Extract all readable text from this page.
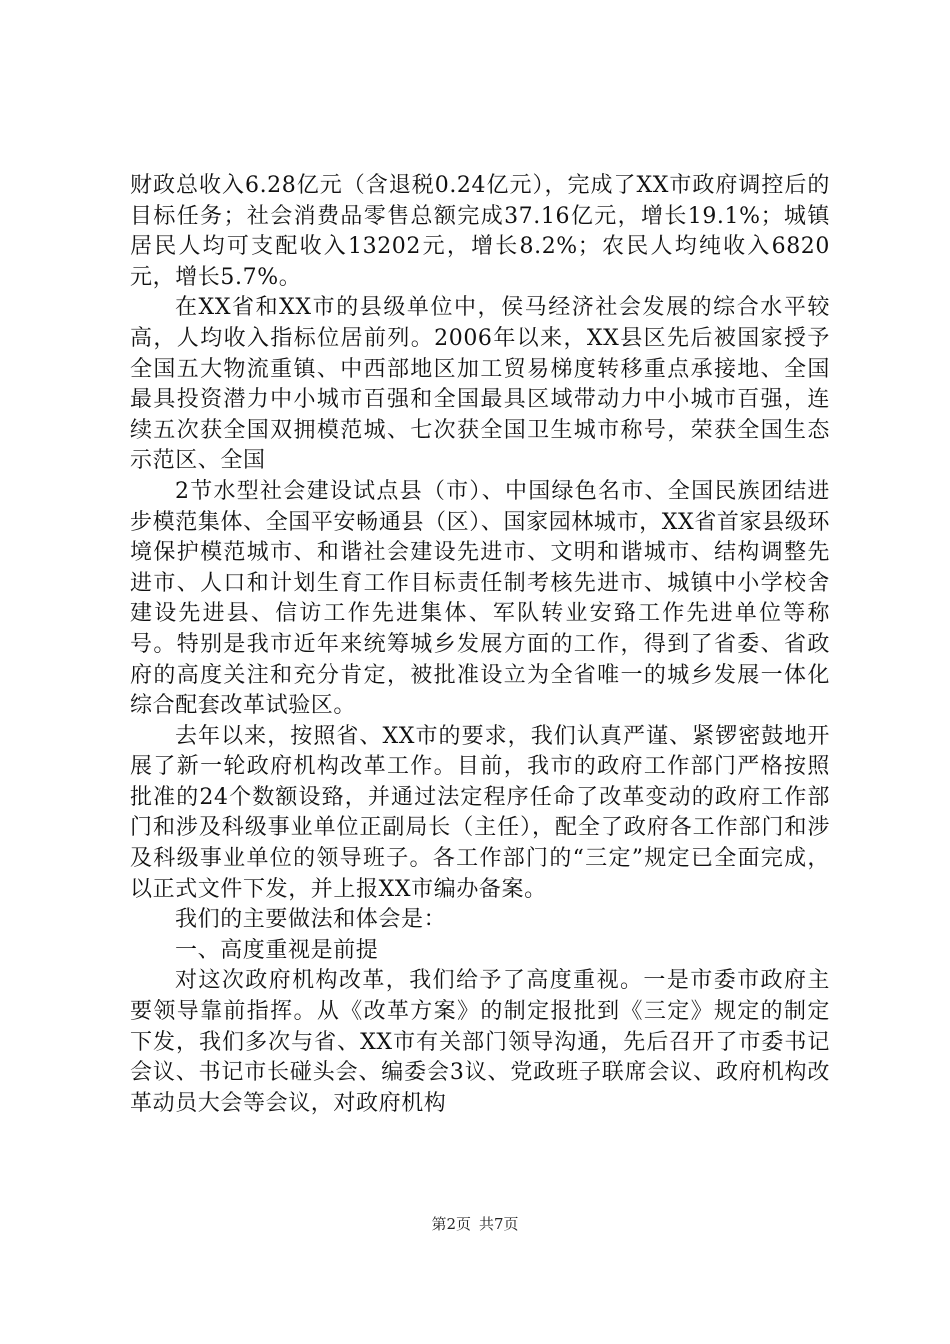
财政总收入6.28亿元（含退税0.24亿元），完成了XX市政府调控后的目标任务；社会消费品零售总额完成37.16亿元，增长19.1%；城镇居民人均可支配收入13202元，增长8.2%；农民人均纯收入6820元，增长5.7%。

在XX省和XX市的县级单位中，侯马经济社会发展的综合水平较高，人均收入指标位居前列。2006年以来，XX县区先后被国家授予全国五大物流重镇、中西部地区加工贸易梯度转移重点承接地、全国最具投资潜力中小城市百强和全国最具区域带动力中小城市百强，连续五次获全国双拥模范城、七次获全国卫生城市称号，荣获全国生态示范区、全国

2节水型社会建设试点县（市）、中国绿色名市、全国民族团结进步模范集体、全国平安畅通县（区）、国家园林城市，XX省首家县级环境保护模范城市、和谐社会建设先进市、文明和谐城市、结构调整先进市、人口和计划生育工作目标责任制考核先进市、城镇中小学校舍建设先进县、信访工作先进集体、军队转业安臵工作先进单位等称号。特别是我市近年来统筹城乡发展方面的工作，得到了省委、省政府的高度关注和充分肯定，被批准设立为全省唯一的城乡发展一体化综合配套改革试验区。

去年以来，按照省、XX市的要求，我们认真严谨、紧锣密鼓地开展了新一轮政府机构改革工作。目前，我市的政府工作部门严格按照批准的24个数额设臵，并通过法定程序任命了改革变动的政府工作部门和涉及科级事业单位正副局长（主任），配全了政府各工作部门和涉及科级事业单位的领导班子。各工作部门的“三定”规定已全面完成，以正式文件下发，并上报XX市编办备案。

我们的主要做法和体会是：

一、高度重视是前提

对这次政府机构改革，我们给予了高度重视。一是市委市政府主要领导靠前指挥。从《改革方案》的制定报批到《三定》规定的制定下发，我们多次与省、XX市有关部门领导沟通，先后召开了市委书记会议、书记市长碰头会、编委会3议、党政班子联席会议、政府机构改革动员大会等会议，对政府机构

第2页 共7页
